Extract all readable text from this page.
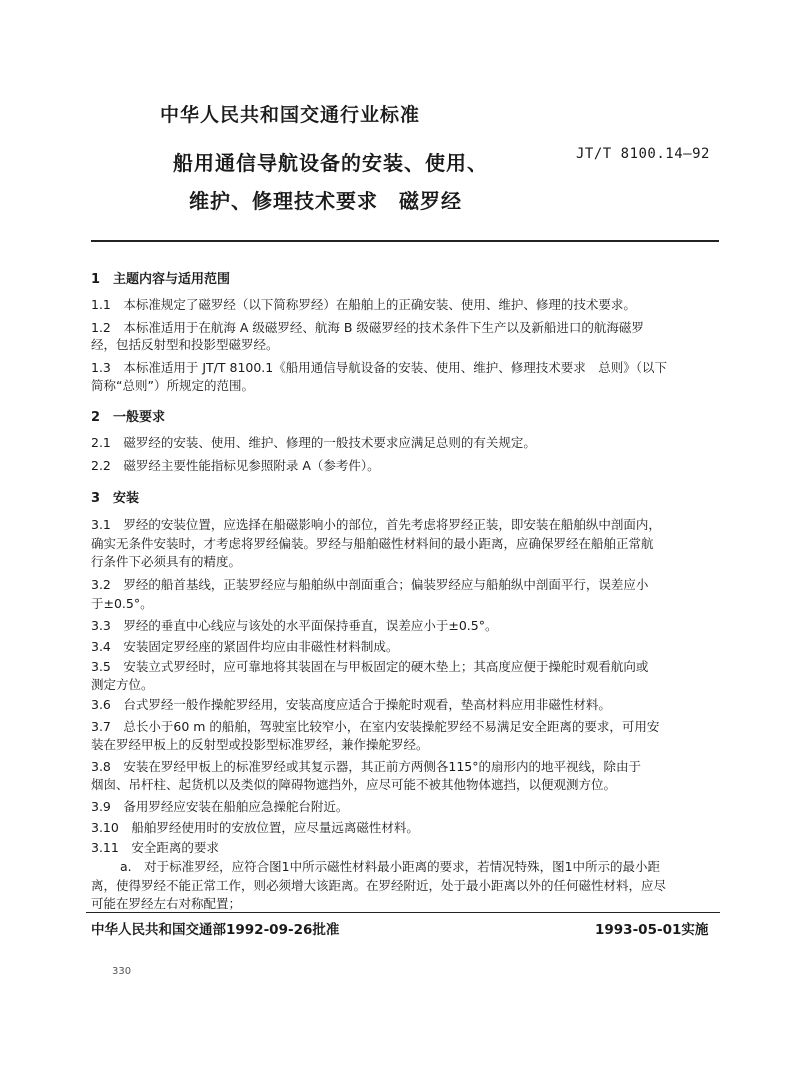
中华人民共和国交通行业标准
船用通信导航设备的安装、使用、	JT/T 8100.14—92
维护、修理技术要求　磁罗经
1　主题内容与适用范围
1.1　本标准规定了磁罗经（以下简称罗经）在船舶上的正确安装、使用、维护、修理的技术要求。
1.2　本标准适用于在航海 A 级磁罗经、航海 B 级磁罗经的技术条件下生产以及新船进口的航海磁罗
经，包括反射型和投影型磁罗经。
1.3　本标准适用于 JT/T 8100.1《船用通信导航设备的安装、使用、维护、修理技术要求　总则》（以下
简称“总则”）所规定的范围。
2　一般要求
2.1　磁罗经的安装、使用、维护、修理的一般技术要求应满足总则的有关规定。
2.2　磁罗经主要性能指标见参照附录 A（参考件）。
3　安装
3.1　罗经的安装位置，应选择在船磁影响小的部位，首先考虑将罗经正装，即安装在船舶纵中剖面内，
确实无条件安装时，才考虑将罗经偏装。罗经与船舶磁性材料间的最小距离，应确保罗经在船舶正常航
行条件下必须具有的精度。
3.2　罗经的船首基线，正装罗经应与船舶纵中剖面重合；偏装罗经应与船舶纵中剖面平行，误差应小
于±0.5°。
3.3　罗经的垂直中心线应与该处的水平面保持垂直，误差应小于±0.5°。
3.4　安装固定罗经座的紧固件均应由非磁性材料制成。
3.5　安装立式罗经时，应可靠地将其装固在与甲板固定的硬木垫上；其高度应便于操舵时观看航向或
测定方位。
3.6　台式罗经一般作操舵罗经用，安装高度应适合于操舵时观看，垫高材料应用非磁性材料。
3.7　总长小于60 m 的船舶，驾驶室比较窄小，在室内安装操舵罗经不易满足安全距离的要求，可用安
装在罗经甲板上的反射型或投影型标准罗经，兼作操舵罗经。
3.8　安装在罗经甲板上的标准罗经或其复示器，其正前方两侧各115°的扇形内的地平视线，除由于
烟囱、吊杆柱、起货机以及类似的障碍物遮挡外，应尽可能不被其他物体遮挡，以便观测方位。
3.9　备用罗经应安装在船舶应急操舵台附近。
3.10　船舶罗经使用时的安放位置，应尽量远离磁性材料。
3.11　安全距离的要求
a.　对于标准罗经，应符合图1中所示磁性材料最小距离的要求，若情况特殊，图1中所示的最小距
离，使得罗经不能正常工作，则必须增大该距离。在罗经附近，处于最小距离以外的任何磁性材料，应尽
可能在罗经左右对称配置；
中华人民共和国交通部1992-09-26批准	1993-05-01实施
330
